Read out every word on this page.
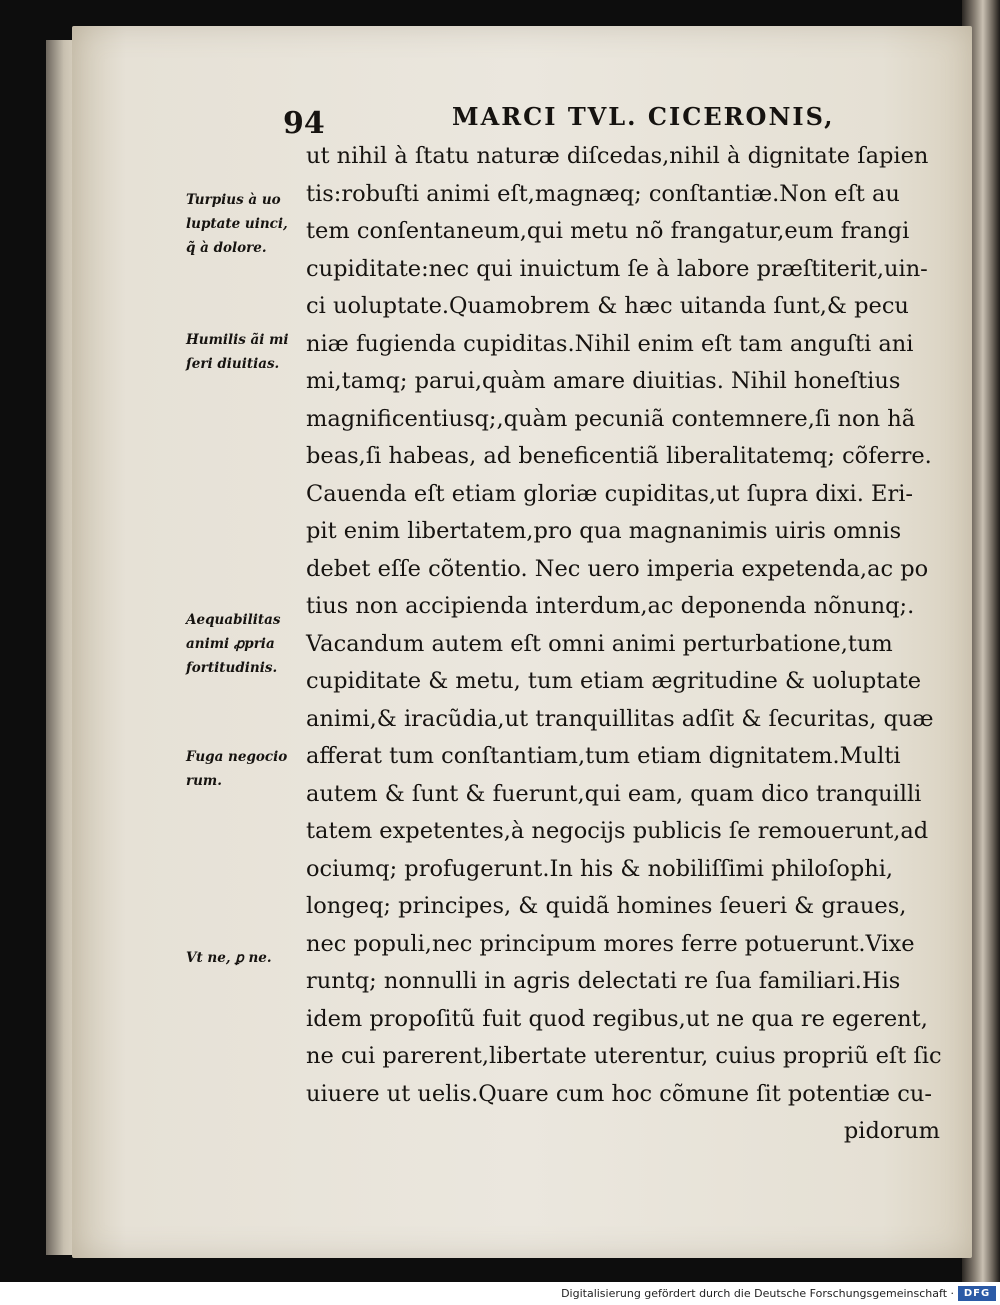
94	MARCI TVL. CICERONIS,
ut nihil à ſtatu naturæ diſcedas,nihil à dignitate ſapien
tis:robuſti animi eſt,magnæq; conſtantiæ.Non eſt au
tem conſentaneum,qui metu nõ frangatur,eum frangi
cupiditate:nec qui inuictum ſe à labore præſtiterit,uin-
ci uoluptate.Quamobrem & hæc uitanda ſunt,& pecu
niæ fugienda cupiditas.Nihil enim eſt tam anguſti ani
mi,tamq; parui,quàm amare diuitias. Nihil honeſtius
magnificentiusq;,quàm pecuniã contemnere,ſi non hã
beas,ſi habeas, ad beneficentiã liberalitatemq; cõferre.
Cauenda eſt etiam gloriæ cupiditas,ut ſupra dixi. Eri-
pit enim libertatem,pro qua magnanimis uiris omnis
debet eſſe cõtentio. Nec uero imperia expetenda,ac po
tius non accipienda interdum,ac deponenda nõnunq;.
Vacandum autem eſt omni animi perturbatione,tum
cupiditate & metu, tum etiam ægritudine & uoluptate
animi,& iracũdia,ut tranquillitas adſit & ſecuritas, quæ
afferat tum conſtantiam,tum etiam dignitatem.Multi
autem & ſunt & fuerunt,qui eam, quam dico tranquilli
tatem expetentes,à negocijs publicis ſe remouerunt,ad
ociumq; profugerunt.In his & nobiliſſimi philoſophi,
longeq; principes, & quidã homines ſeueri & graues,
nec populi,nec principum mores ferre potuerunt.Vixe
runtq; nonnulli in agris delectati re ſua familiari.His
idem propoſitũ fuit quod regibus,ut ne qua re egerent,
ne cui parerent,libertate uterentur, cuius propriũ eſt ſic
uiuere ut uelis.Quare cum hoc cõmune ſit potentiæ cu-
pidorum
Turpius à uo
luptate uinci,
q̃ à dolore.
Humilis ãi mi
ſeri diuitias.
Aequabilitas
animi ꝓpria
fortitudinis.
Fuga negocio
rum.
Vt ne, ꝑ ne.
Digitalisierung gefördert durch die Deutsche Forschungsgemeinschaft · DFG
